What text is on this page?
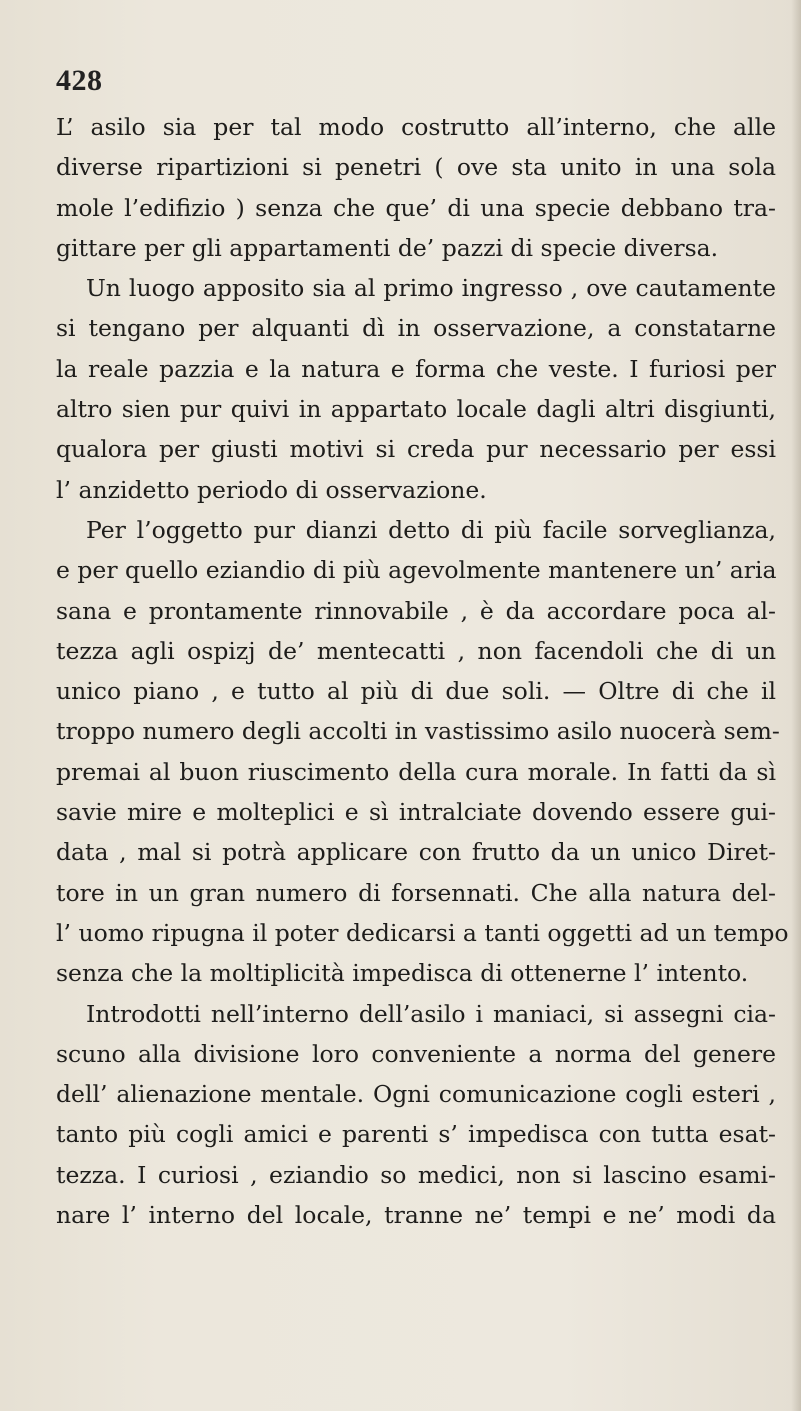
428
L’ asilo sia per tal modo costrutto all’interno, che alle
diverse ripartizioni si penetri ( ove sta unito in una sola
mole l’edifizio ) senza che que’ di una specie debbano tra-
gittare per gli appartamenti de’ pazzi di specie diversa.
Un luogo apposito sia al primo ingresso , ove cautamente
si tengano per alquanti dì in osservazione, a constatarne
la reale pazzia e la natura e forma che veste. I furiosi per
altro sien pur quivi in appartato locale dagli altri disgiunti,
qualora per giusti motivi si creda pur necessario per essi
l’ anzidetto periodo di osservazione.
Per l’oggetto pur dianzi detto di più facile sorveglianza,
e per quello eziandio di più agevolmente mantenere un’ aria
sana e prontamente rinnovabile , è da accordare poca al-
tezza agli ospizj de’ mentecatti , non facendoli che di un
unico piano , e tutto al più di due soli. — Oltre di che il
troppo numero degli accolti in vastissimo asilo nuocerà sem-
premai al buon riuscimento della cura morale. In fatti da sì
savie mire e molteplici e sì intralciate dovendo essere gui-
data , mal si potrà applicare con frutto da un unico Diret-
tore in un gran numero di forsennati. Che alla natura del-
l’ uomo ripugna il poter dedicarsi a tanti oggetti ad un tempo
senza che la moltiplicità impedisca di ottenerne l’ intento.
Introdotti nell’interno dell’asilo i maniaci, si assegni cia-
scuno alla divisione loro conveniente a norma del genere
dell’ alienazione mentale. Ogni comunicazione cogli esteri ,
tanto più cogli amici e parenti s’ impedisca con tutta esat-
tezza. I curiosi , eziandio so medici, non si lascino esami-
nare l’ interno del locale, tranne ne’ tempi e ne’ modi da
